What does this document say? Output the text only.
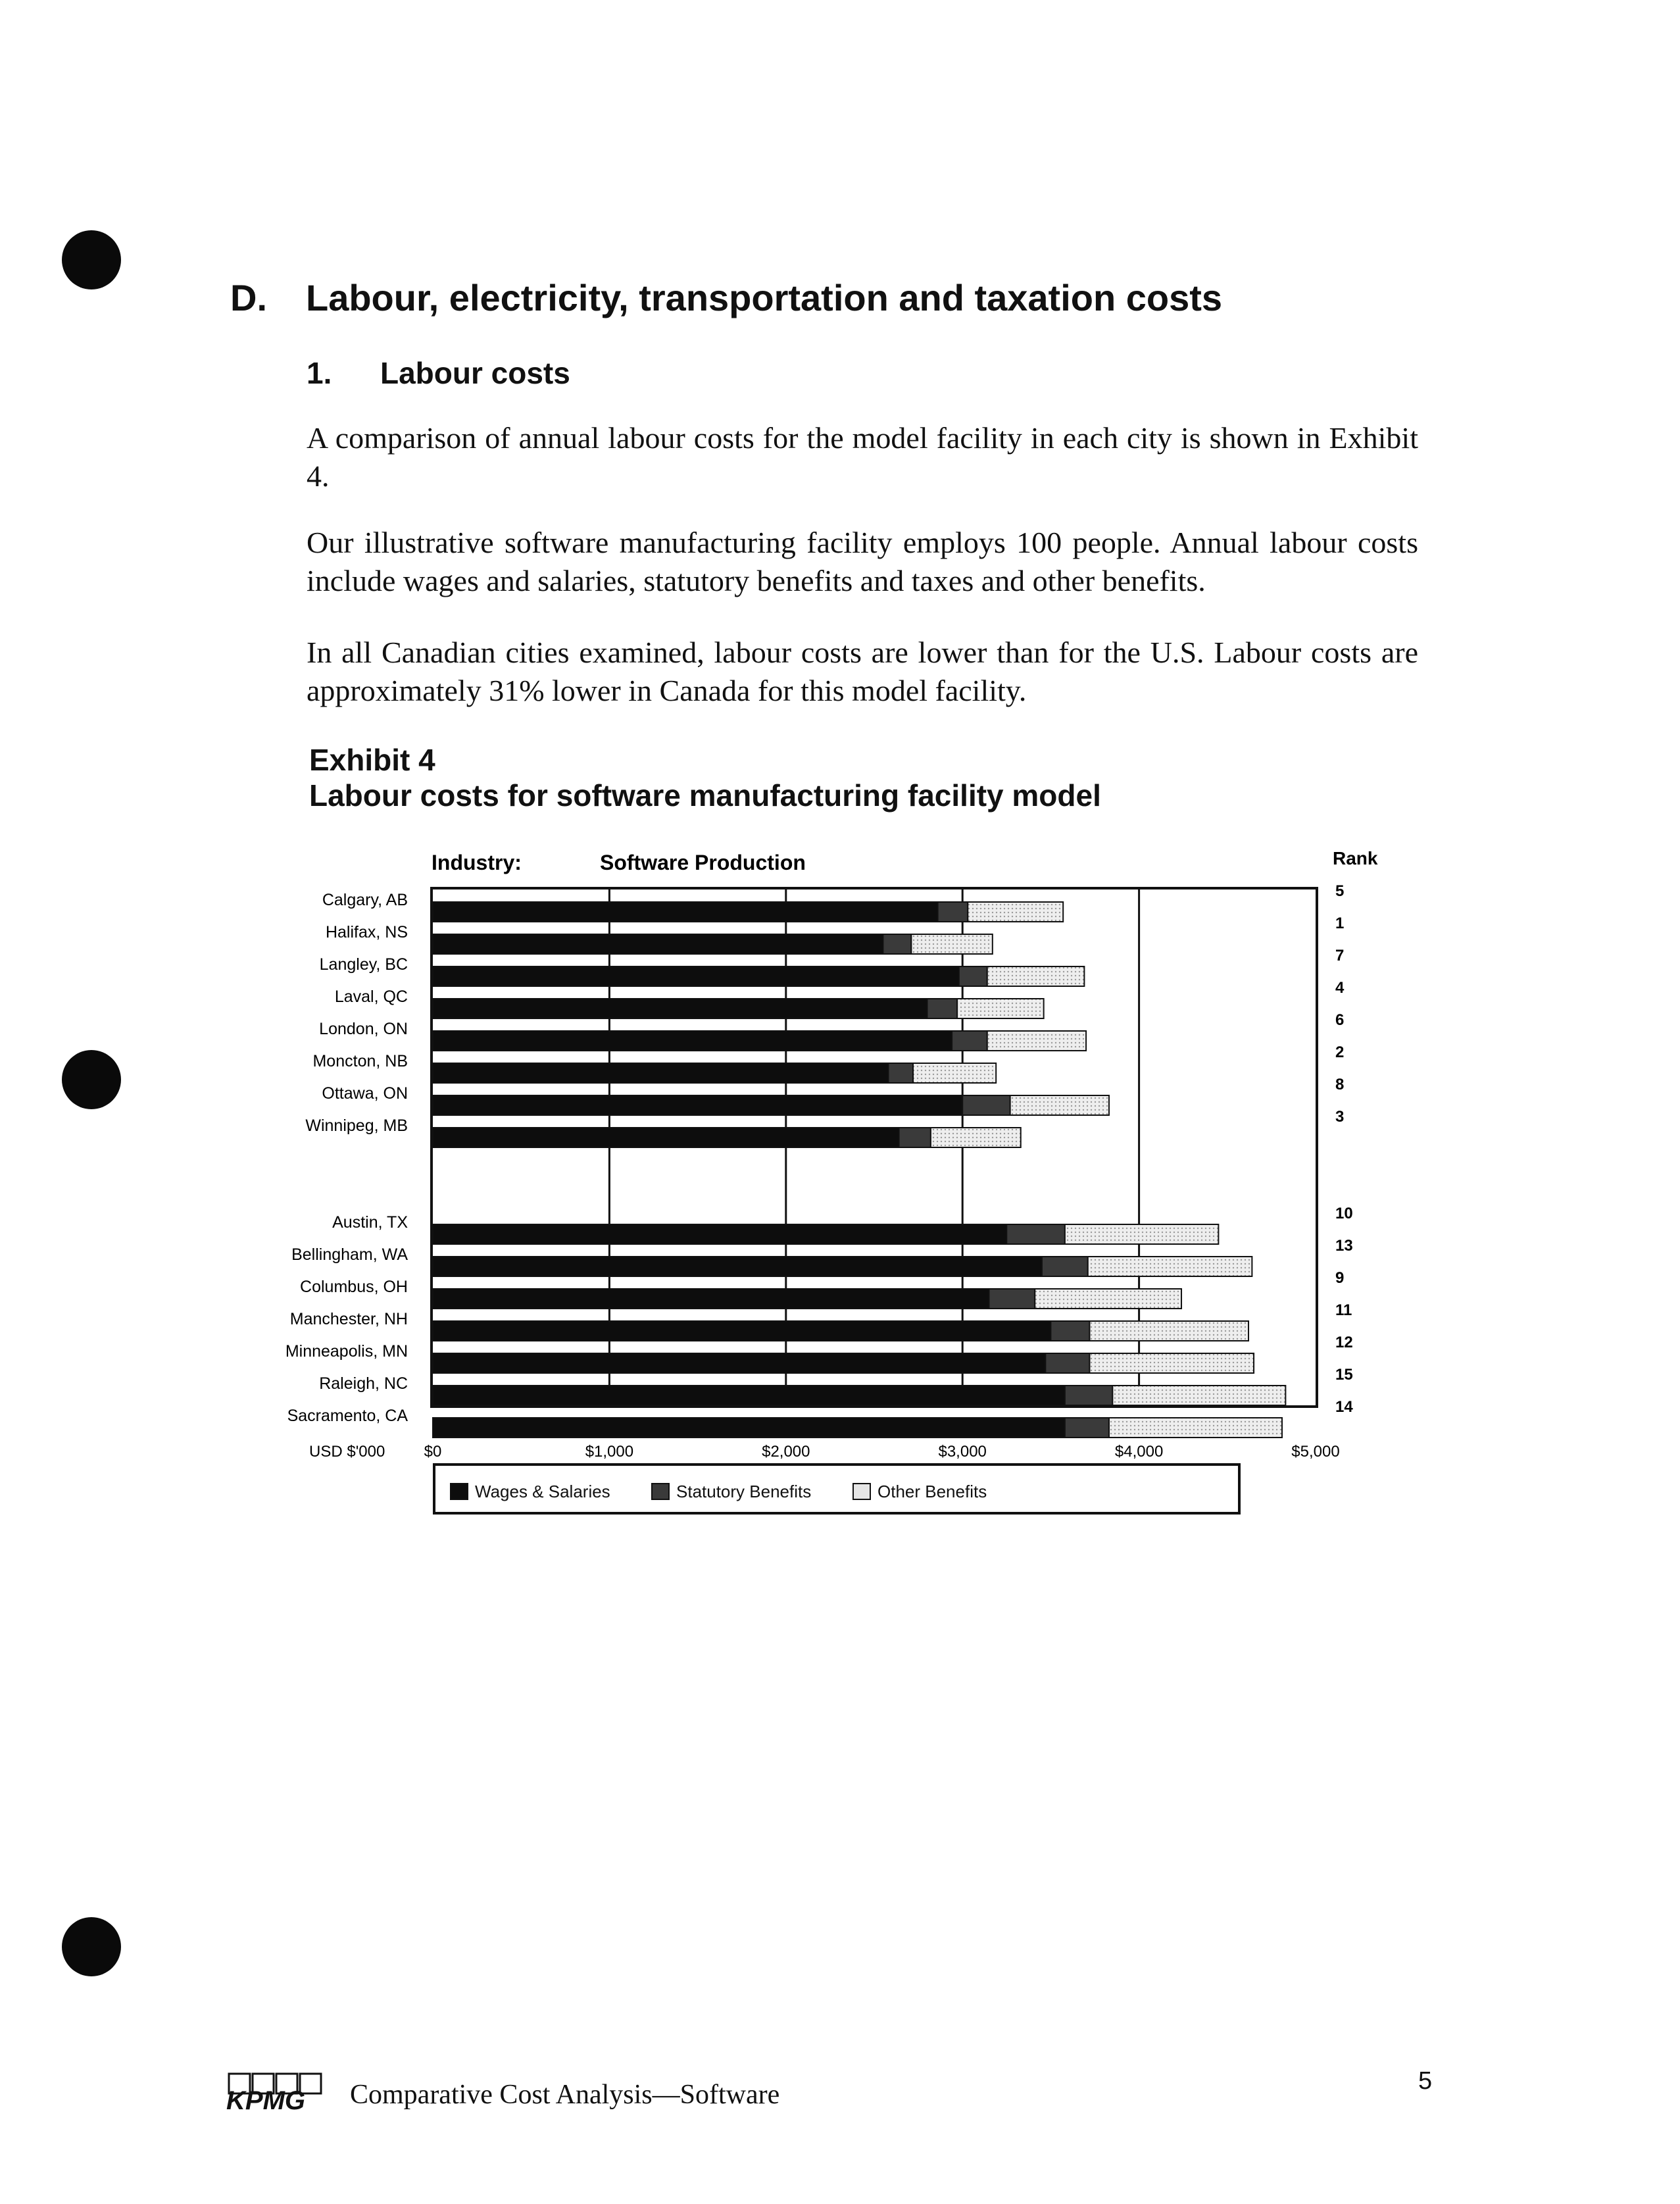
D. Labour, electricity, transportation and taxation costs
1. Labour costs
A comparison of annual labour costs for the model facility in each city is shown in Exhibit 4.
Our illustrative software manufacturing facility employs 100 people. Annual labour costs include wages and salaries, statutory benefits and taxes and other benefits.
In all Canadian cities examined, labour costs are lower than for the U.S. Labour costs are approximately 31% lower in Canada for this model facility.
Exhibit 4
Labour costs for software manufacturing facility model
Industry:	Software Production	Rank
USD $'000 $0	$1,000	$2,000	$3,000	$4,000	$5,000
Calgary, AB	5
Halifax, NS	1
Langley, BC	7
Laval, QC	4
London, ON	6
Moncton, NB	2
Ottawa, ON	8
Winnipeg, MB	3
Austin, TX	10
Bellingham, WA	13
Columbus, OH	9
Manchester, NH	11
Minneapolis, MN	12
Raleigh, NC	15
Sacramento, CA	14
Wages & Salaries	Statutory Benefits	Other Benefits
KPMG Comparative Cost Analysis—Software	5
